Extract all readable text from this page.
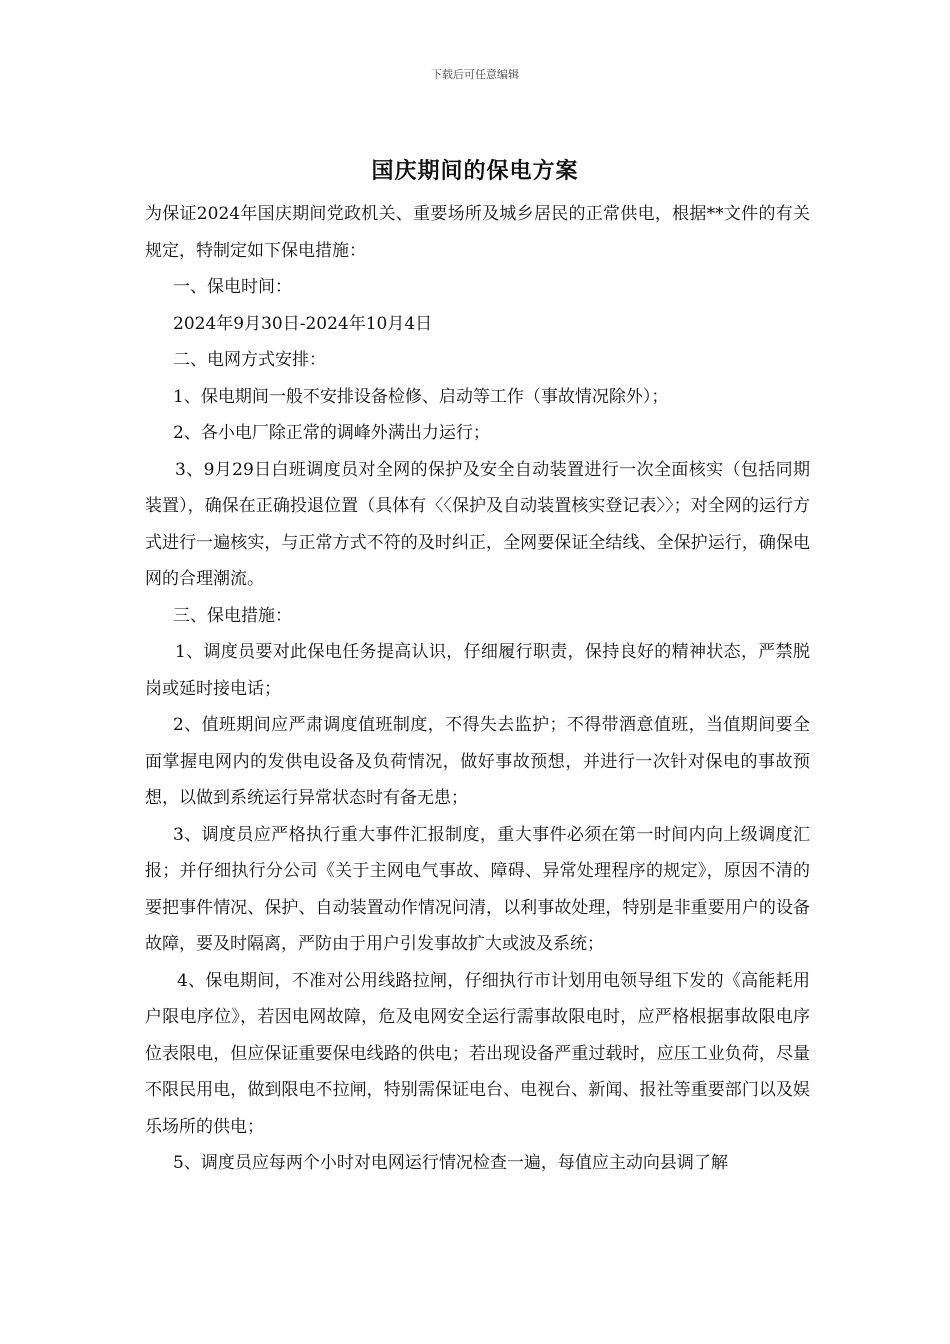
下载后可任意编辑
国庆期间的保电方案

为保证2024年国庆期间党政机关、重要场所及城乡居民的正常供电，根据**文件的有关规定，特制定如下保电措施：

一、保电时间：

2024年9月30日-2024年10月4日

二、电网方式安排：

1、保电期间一般不安排设备检修、启动等工作（事故情况除外）；

2、各小电厂除正常的调峰外满出力运行；

3、9月29日白班调度员对全网的保护及安全自动装置进行一次全面核实（包括同期装置），确保在正确投退位置（具体有〈〈保护及自动装置核实登记表〉〉；对全网的运行方式进行一遍核实，与正常方式不符的及时纠正，全网要保证全结线、全保护运行，确保电网的合理潮流。

三、保电措施：

1、调度员要对此保电任务提高认识，仔细履行职责，保持良好的精神状态，严禁脱岗或延时接电话；

2、值班期间应严肃调度值班制度，不得失去监护；不得带酒意值班，当值期间要全面掌握电网内的发供电设备及负荷情况，做好事故预想，并进行一次针对保电的事故预想，以做到系统运行异常状态时有备无患；

3、调度员应严格执行重大事件汇报制度，重大事件必须在第一时间内向上级调度汇报；并仔细执行分公司《关于主网电气事故、障碍、异常处理程序的规定》，原因不清的要把事件情况、保护、自动装置动作情况问清，以利事故处理，特别是非重要用户的设备故障，要及时隔离，严防由于用户引发事故扩大或波及系统；

4、保电期间，不准对公用线路拉闸，仔细执行市计划用电领导组下发的《高能耗用户限电序位》，若因电网故障，危及电网安全运行需事故限电时，应严格根据事故限电序位表限电，但应保证重要保电线路的供电；若出现设备严重过载时，应压工业负荷，尽量不限民用电，做到限电不拉闸，特别需保证电台、电视台、新闻、报社等重要部门以及娱乐场所的供电；

5、调度员应每两个小时对电网运行情况检查一遍，每值应主动向县调了解
